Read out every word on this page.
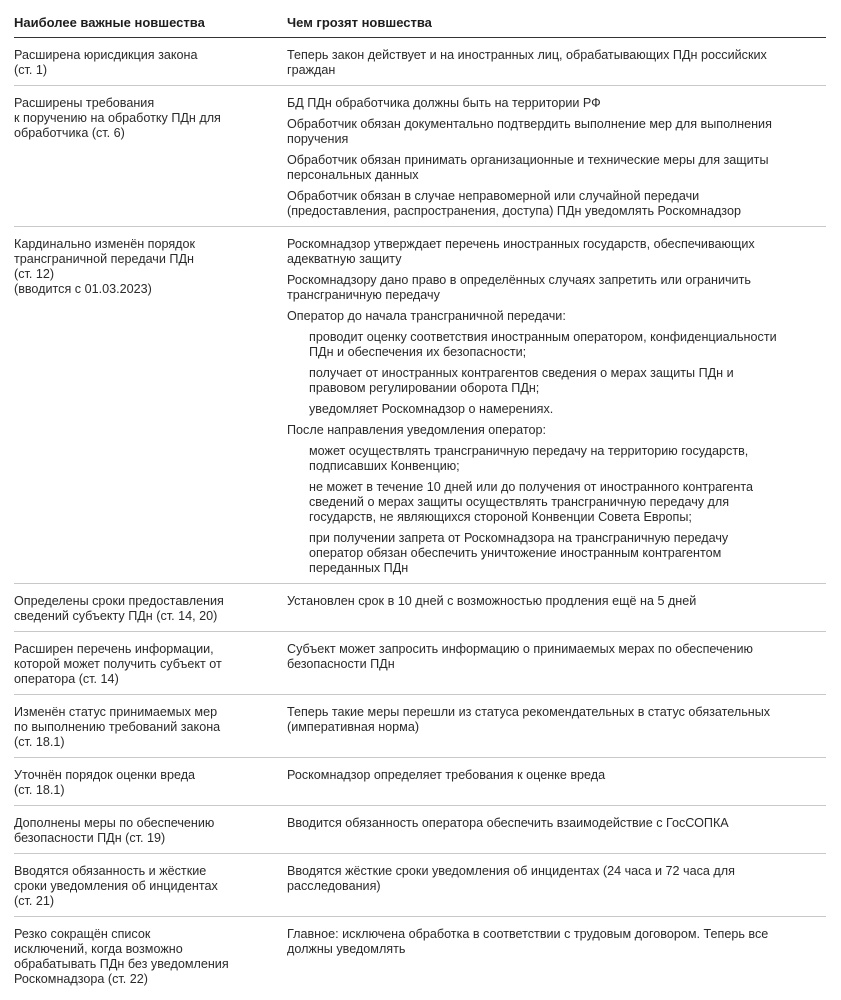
Наиболее важные новшества	Чем грозят новшества
Расширена юрисдикция закона
(ст. 1)
Теперь закон действует и на иностранных лиц, обрабатывающих ПДн российских
граждан
Расширены требования
к поручению на обработку ПДн для
обработчика (ст. 6)
БД ПДн обработчика должны быть на территории РФ
Обработчик обязан документально подтвердить выполнение мер для выполнения
поручения
Обработчик обязан принимать организационные и технические меры для защиты
персональных данных
Обработчик обязан в случае неправомерной или случайной передачи
(предоставления, распространения, доступа) ПДн уведомлять Роскомнадзор
Кардинально изменён порядок
трансграничной передачи ПДн
(ст. 12)
(вводится с 01.03.2023)
Роскомнадзор утверждает перечень иностранных государств, обеспечивающих
адекватную защиту
Роскомнадзору дано право в определённых случаях запретить или ограничить
трансграничную передачу
Оператор до начала трансграничной передачи:
проводит оценку соответствия иностранным оператором, конфиденциальности
ПДн и обеспечения их безопасности;
получает от иностранных контрагентов сведения о мерах защиты ПДн и
правовом регулировании оборота ПДн;
уведомляет Роскомнадзор о намерениях.
После направления уведомления оператор:
может осуществлять трансграничную передачу на территорию государств,
подписавших Конвенцию;
не может в течение 10 дней или до получения от иностранного контрагента
сведений о мерах защиты осуществлять трансграничную передачу для
государств, не являющихся стороной Конвенции Совета Европы;
при получении запрета от Роскомнадзора на трансграничную передачу
оператор обязан обеспечить уничтожение иностранным контрагентом
переданных ПДн
Определены сроки предоставления
сведений субъекту ПДн (ст. 14, 20)
Установлен срок в 10 дней с возможностью продления ещё на 5 дней
Расширен перечень информации,
которой может получить субъект от
оператора (ст. 14)
Субъект может запросить информацию о принимаемых мерах по обеспечению
безопасности ПДн
Изменён статус принимаемых мер
по выполнению требований закона
(ст. 18.1)
Теперь такие меры перешли из статуса рекомендательных в статус обязательных
(императивная норма)
Уточнён порядок оценки вреда
(ст. 18.1)
Роскомнадзор определяет требования к оценке вреда
Дополнены меры по обеспечению
безопасности ПДн (ст. 19)
Вводится обязанность оператора обеспечить взаимодействие с ГосСОПКА
Вводятся обязанность и жёсткие
сроки уведомления об инцидентах
(ст. 21)
Вводятся жёсткие сроки уведомления об инцидентах (24 часа и 72 часа для
расследования)
Резко сокращён список
исключений, когда возможно
обрабатывать ПДн без уведомления
Роскомнадзора (ст. 22)
Главное: исключена обработка в соответствии с трудовым договором. Теперь все
должны уведомлять
